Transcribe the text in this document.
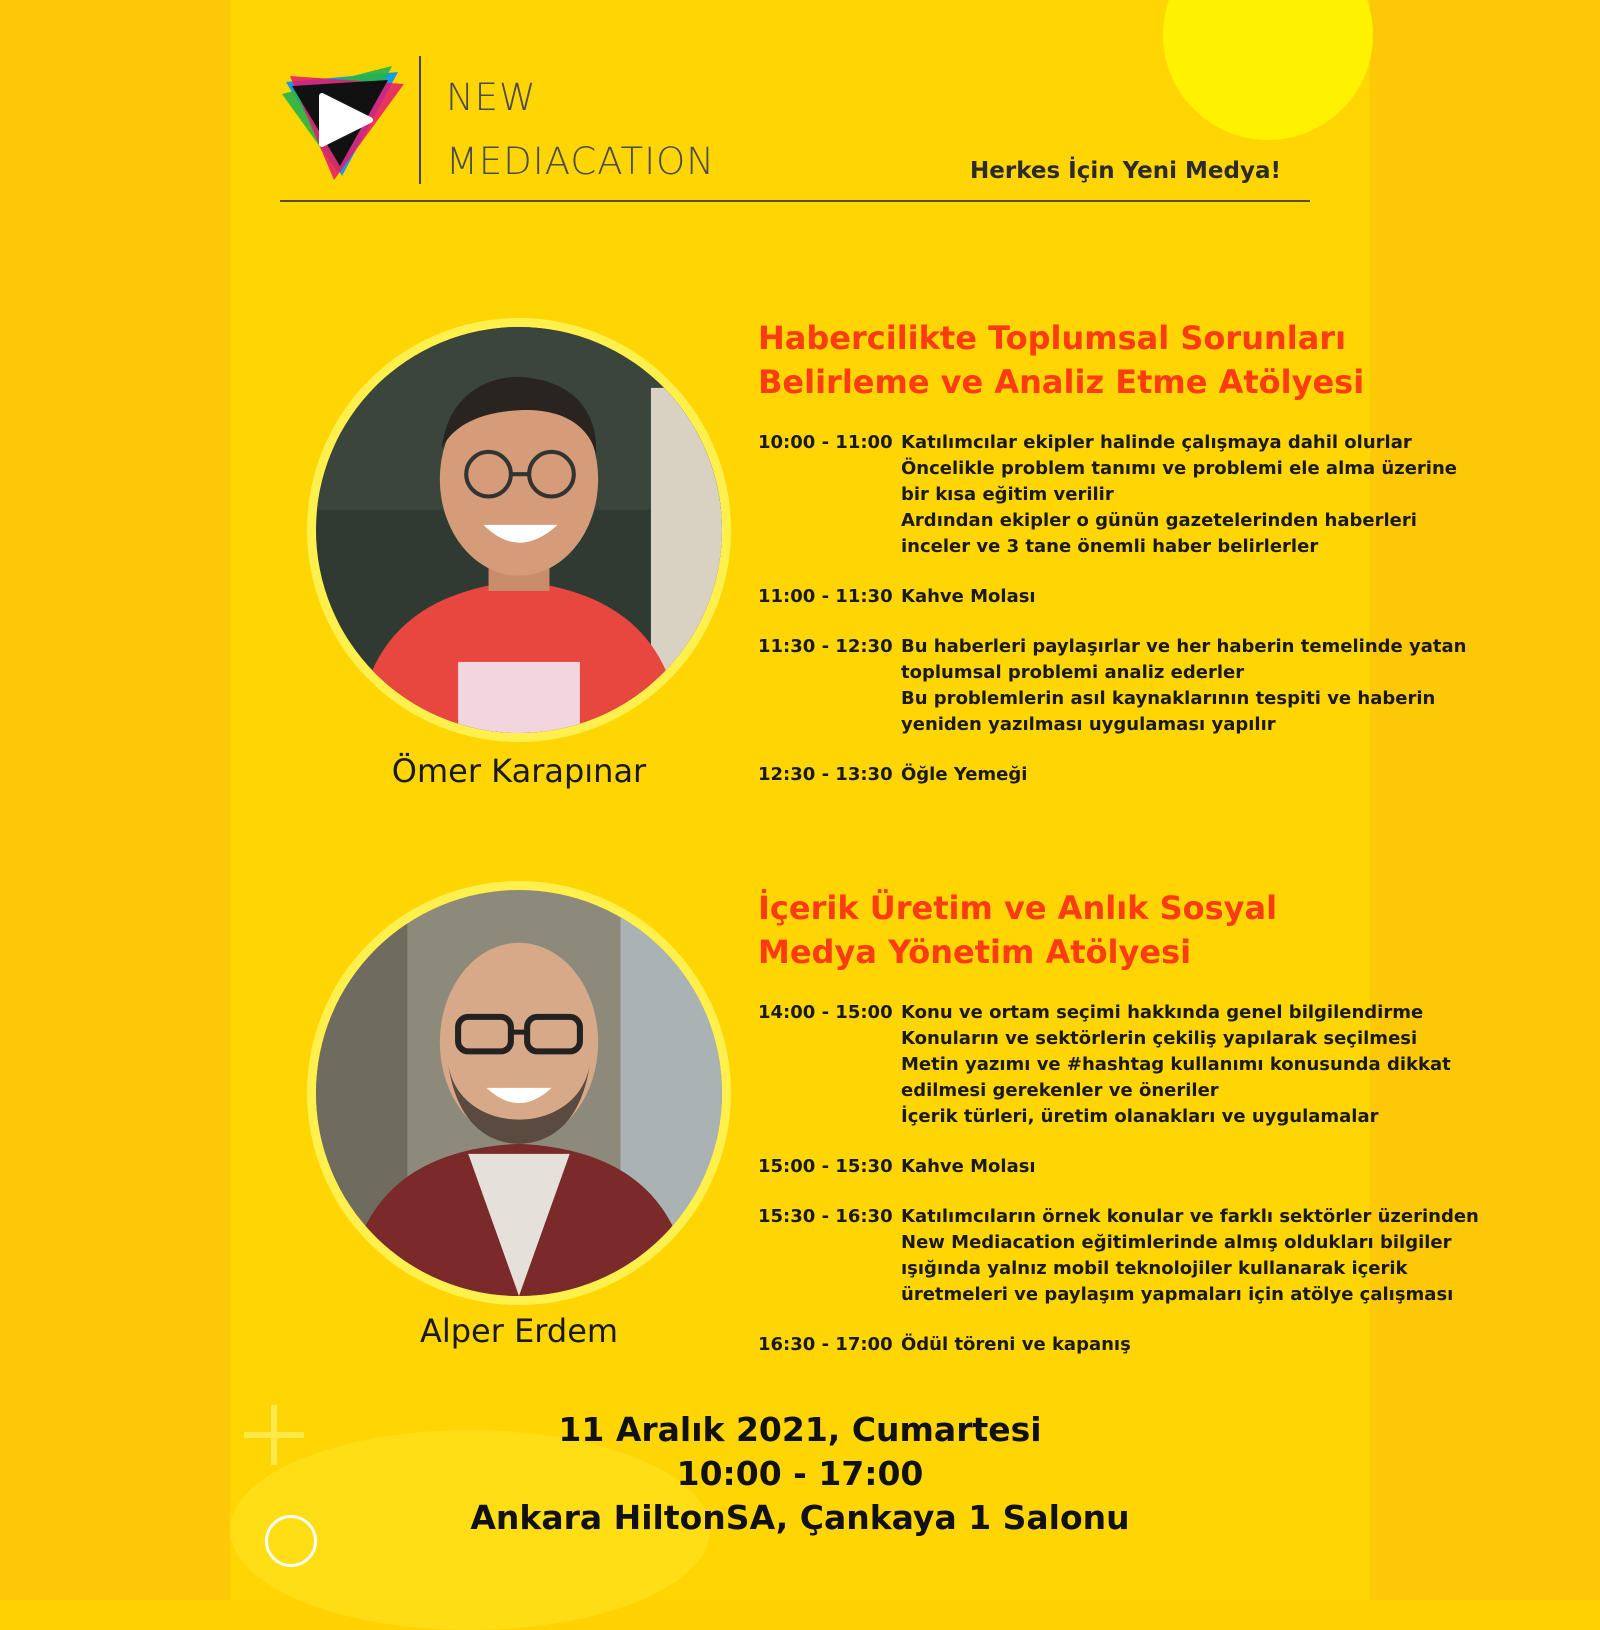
NEW
MEDIACATION	Herkes İçin Yeni Medya!
Ömer Karapınar
Habercilikte Toplumsal Sorunları
Belirleme ve Analiz Etme Atölyesi
10:00 - 11:00 Katılımcılar ekipler halinde çalışmaya dahil olurlar
Öncelikle problem tanımı ve problemi ele alma üzerine
bir kısa eğitim verilir
Ardından ekipler o günün gazetelerinden haberleri
inceler ve 3 tane önemli haber belirlerler
11:00 - 11:30 Kahve Molası
11:30 - 12:30 Bu haberleri paylaşırlar ve her haberin temelinde yatan
toplumsal problemi analiz ederler
Bu problemlerin asıl kaynaklarının tespiti ve haberin
yeniden yazılması uygulaması yapılır
12:30 - 13:30 Öğle Yemeği
Alper Erdem
İçerik Üretim ve Anlık Sosyal
Medya Yönetim Atölyesi
14:00 - 15:00 Konu ve ortam seçimi hakkında genel bilgilendirme
Konuların ve sektörlerin çekiliş yapılarak seçilmesi
Metin yazımı ve #hashtag kullanımı konusunda dikkat
edilmesi gerekenler ve öneriler
İçerik türleri, üretim olanakları ve uygulamalar
15:00 - 15:30 Kahve Molası
15:30 - 16:30 Katılımcıların örnek konular ve farklı sektörler üzerinden
New Mediacation eğitimlerinde almış oldukları bilgiler
ışığında yalnız mobil teknolojiler kullanarak içerik
üretmeleri ve paylaşım yapmaları için atölye çalışması
16:30 - 17:00 Ödül töreni ve kapanış
11 Aralık 2021, Cumartesi
10:00 - 17:00
Ankara HiltonSA, Çankaya 1 Salonu
